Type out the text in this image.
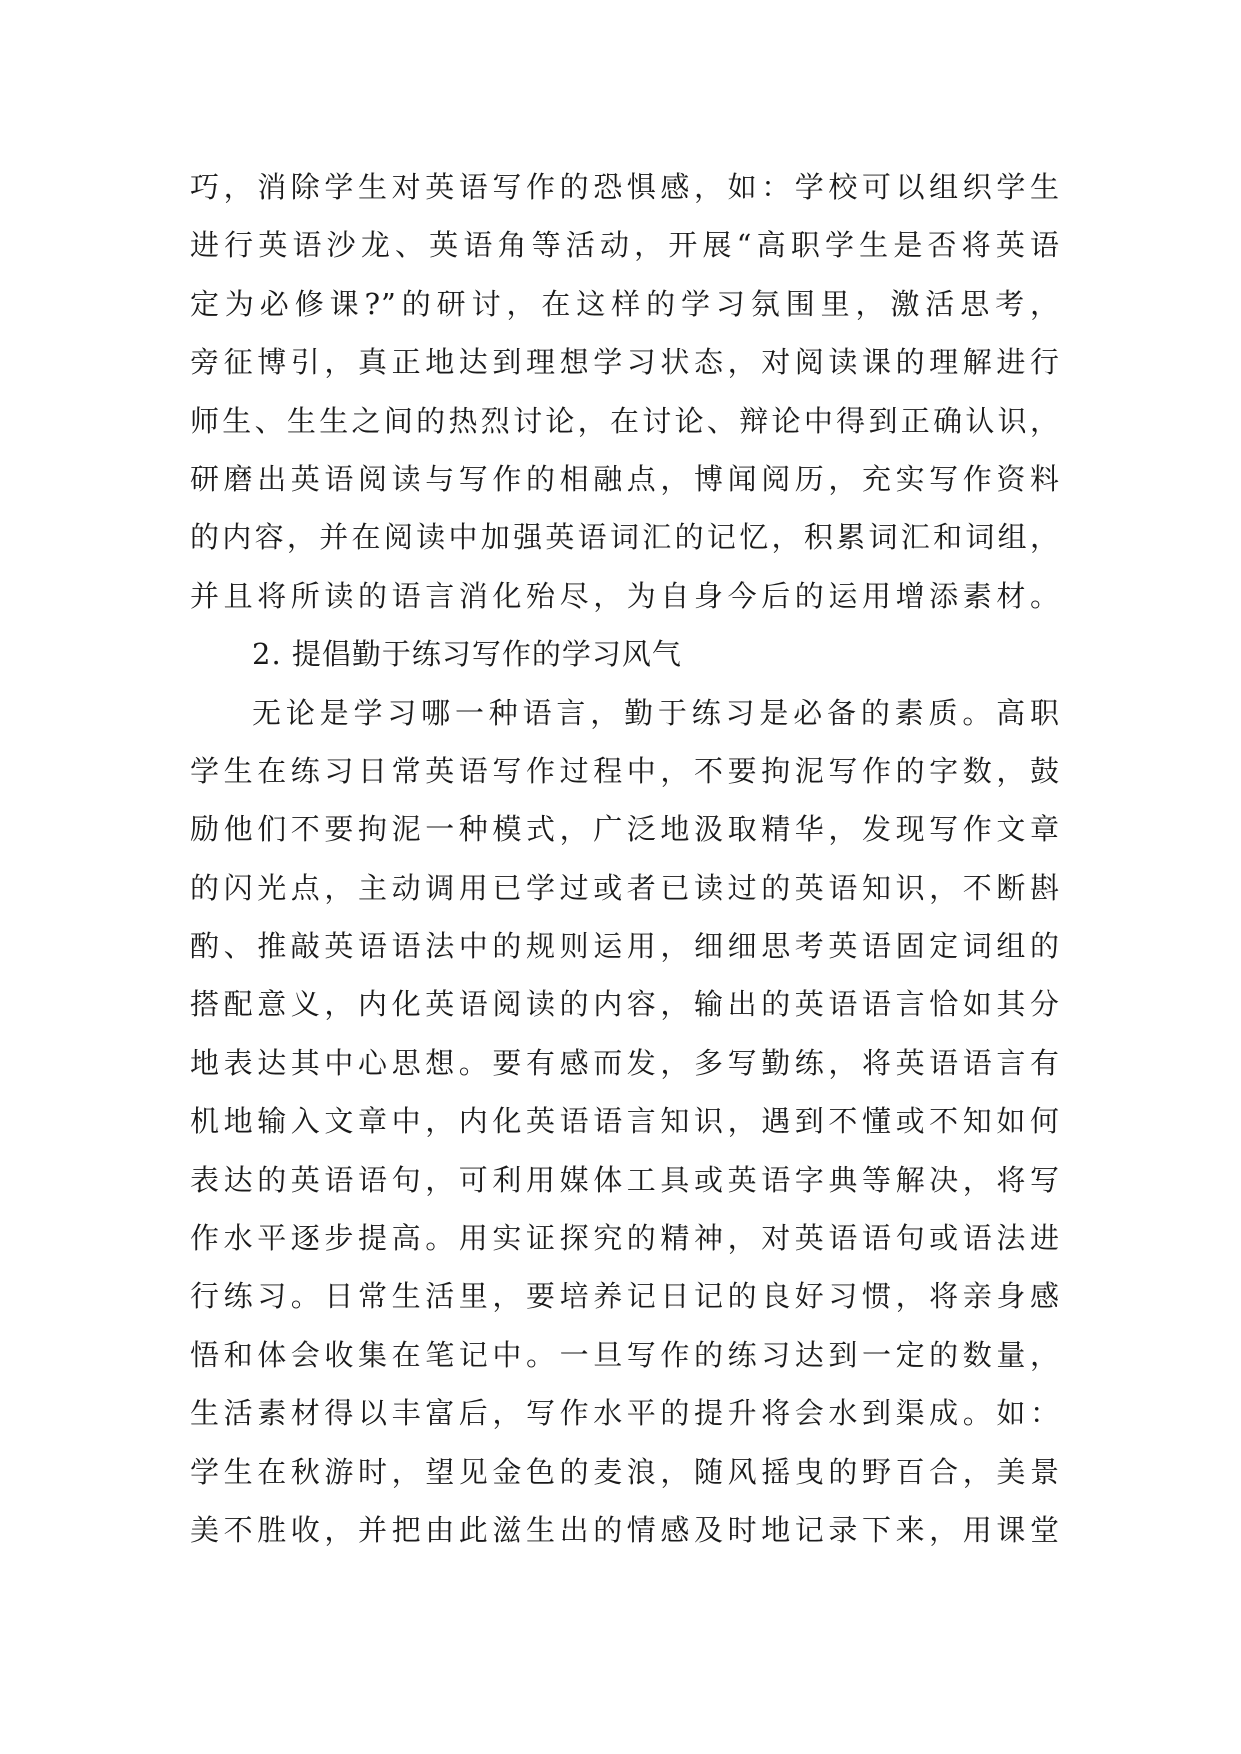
巧，消除学生对英语写作的恐惧感，如：学校可以组织学生
进行英语沙龙、英语角等活动，开展“高职学生是否将英语
定为必修课?”的研讨，在这样的学习氛围里，激活思考，
旁征博引，真正地达到理想学习状态，对阅读课的理解进行
师生、生生之间的热烈讨论，在讨论、辩论中得到正确认识，
研磨出英语阅读与写作的相融点，博闻阅历，充实写作资料
的内容，并在阅读中加强英语词汇的记忆，积累词汇和词组，
并且将所读的语言消化殆尽，为自身今后的运用增添素材。
2. 提倡勤于练习写作的学习风气
无论是学习哪一种语言，勤于练习是必备的素质。高职
学生在练习日常英语写作过程中，不要拘泥写作的字数，鼓
励他们不要拘泥一种模式，广泛地汲取精华，发现写作文章
的闪光点，主动调用已学过或者已读过的英语知识，不断斟
酌、推敲英语语法中的规则运用，细细思考英语固定词组的
搭配意义，内化英语阅读的内容，输出的英语语言恰如其分
地表达其中心思想。要有感而发，多写勤练，将英语语言有
机地输入文章中，内化英语语言知识，遇到不懂或不知如何
表达的英语语句，可利用媒体工具或英语字典等解决，将写
作水平逐步提高。用实证探究的精神，对英语语句或语法进
行练习。日常生活里，要培养记日记的良好习惯，将亲身感
悟和体会收集在笔记中。一旦写作的练习达到一定的数量，
生活素材得以丰富后，写作水平的提升将会水到渠成。如：
学生在秋游时，望见金色的麦浪，随风摇曳的野百合，美景
美不胜收，并把由此滋生出的情感及时地记录下来，用课堂
